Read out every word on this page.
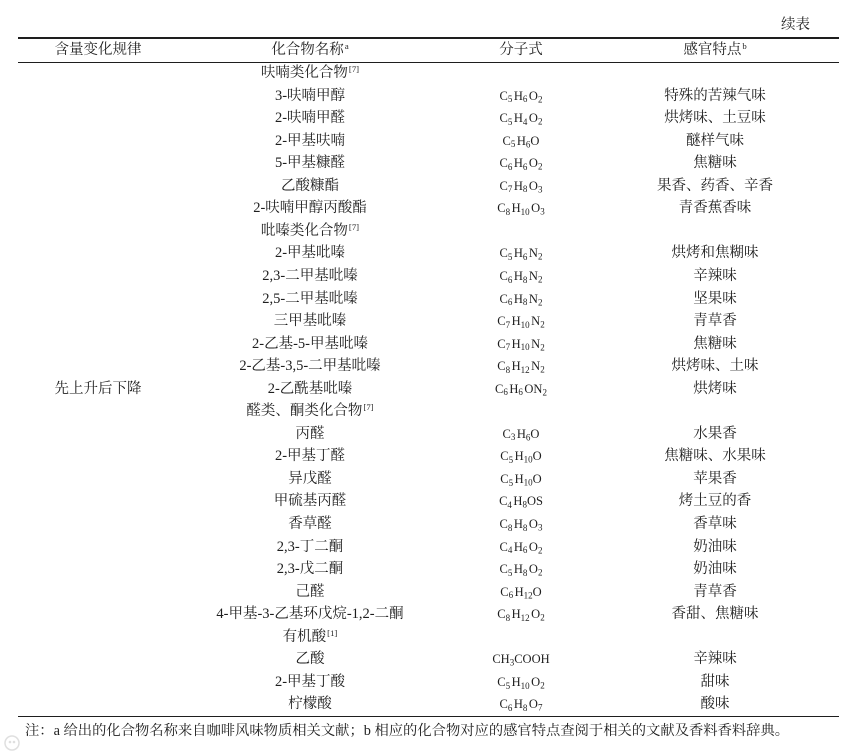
续表
含量变化规律	化合物名称$^a$	分子式	感官特点$^b$
呋喃类化合物[7]
3-呋喃甲醇	$C_5$ $H_6$ $O_2$	特殊的苦辣气味
2-呋喃甲醛	$C_5$ $H_4$ $O_2$	烘烤味、土豆味
2-甲基呋喃	$C_5$ $H_6O$	醚样气味
5-甲基糠醛	$C_6$ $H_6$ $O_2$	焦糖味
乙酸糠酯	$C_7$ $H_8$ $O_3$	果香、药香、辛香
2-呋喃甲醇丙酸酯	$C_8$ $H_{10}$ $O_3$	青香蕉香味
吡嗪类化合物[7]
2-甲基吡嗪	$C_5$ $H_6$ $N_2$	烘烤和焦糊味
2,3-二甲基吡嗪	$C_6$ $H_8$ $N_2$	辛辣味
2,5-二甲基吡嗪	$C_6$ $H_8$ $N_2$	坚果味
三甲基吡嗪	$C_7$ $H_{10}$ $N_2$	青草香
2-乙基-5-甲基吡嗪	$C_7$ $H_{10}$ $N_2$	焦糖味
2-乙基-3,5-二甲基吡嗪	$C_8$ $H_{12}$ $N_2$	烘烤味、土味
先上升后下降	2-乙酰基吡嗪	$C_6$ $H_6$ $ON_2$	烘烤味
醛类、酮类化合物[7]
丙醛	$C_3$ $H_6O$	水果香
2-甲基丁醛	$C_5$ $H_{10}O$	焦糖味、水果味
异戊醛	$C_5$ $H_{10}O$	苹果香
甲硫基丙醛	$C_4$ $H_8OS$	烤土豆的香
香草醛	$C_8$ $H_8$ $O_3$	香草味
2,3-丁二酮	$C_4$ $H_6$ $O_2$	奶油味
2,3-戊二酮	$C_5$ $H_8$ $O_2$	奶油味
己醛	$C_6$ $H_{12}O$	青草香
4-甲基-3-乙基环戊烷-1,2-二酮	$C_8$ $H_{12}$ $O_2$	香甜、焦糖味
有机酸[1]
乙酸	$CH_3COOH$	辛辣味
2-甲基丁酸	$C_5$ $H_{10}$ $O_2$	甜味
柠檬酸	$C_6$ $H_8$ $O_7$	酸味
注：a 给出的化合物名称来自咖啡风味物质相关文献；b 相应的化合物对应的感官特点查阅于相关的文献及香料香料辞典。
